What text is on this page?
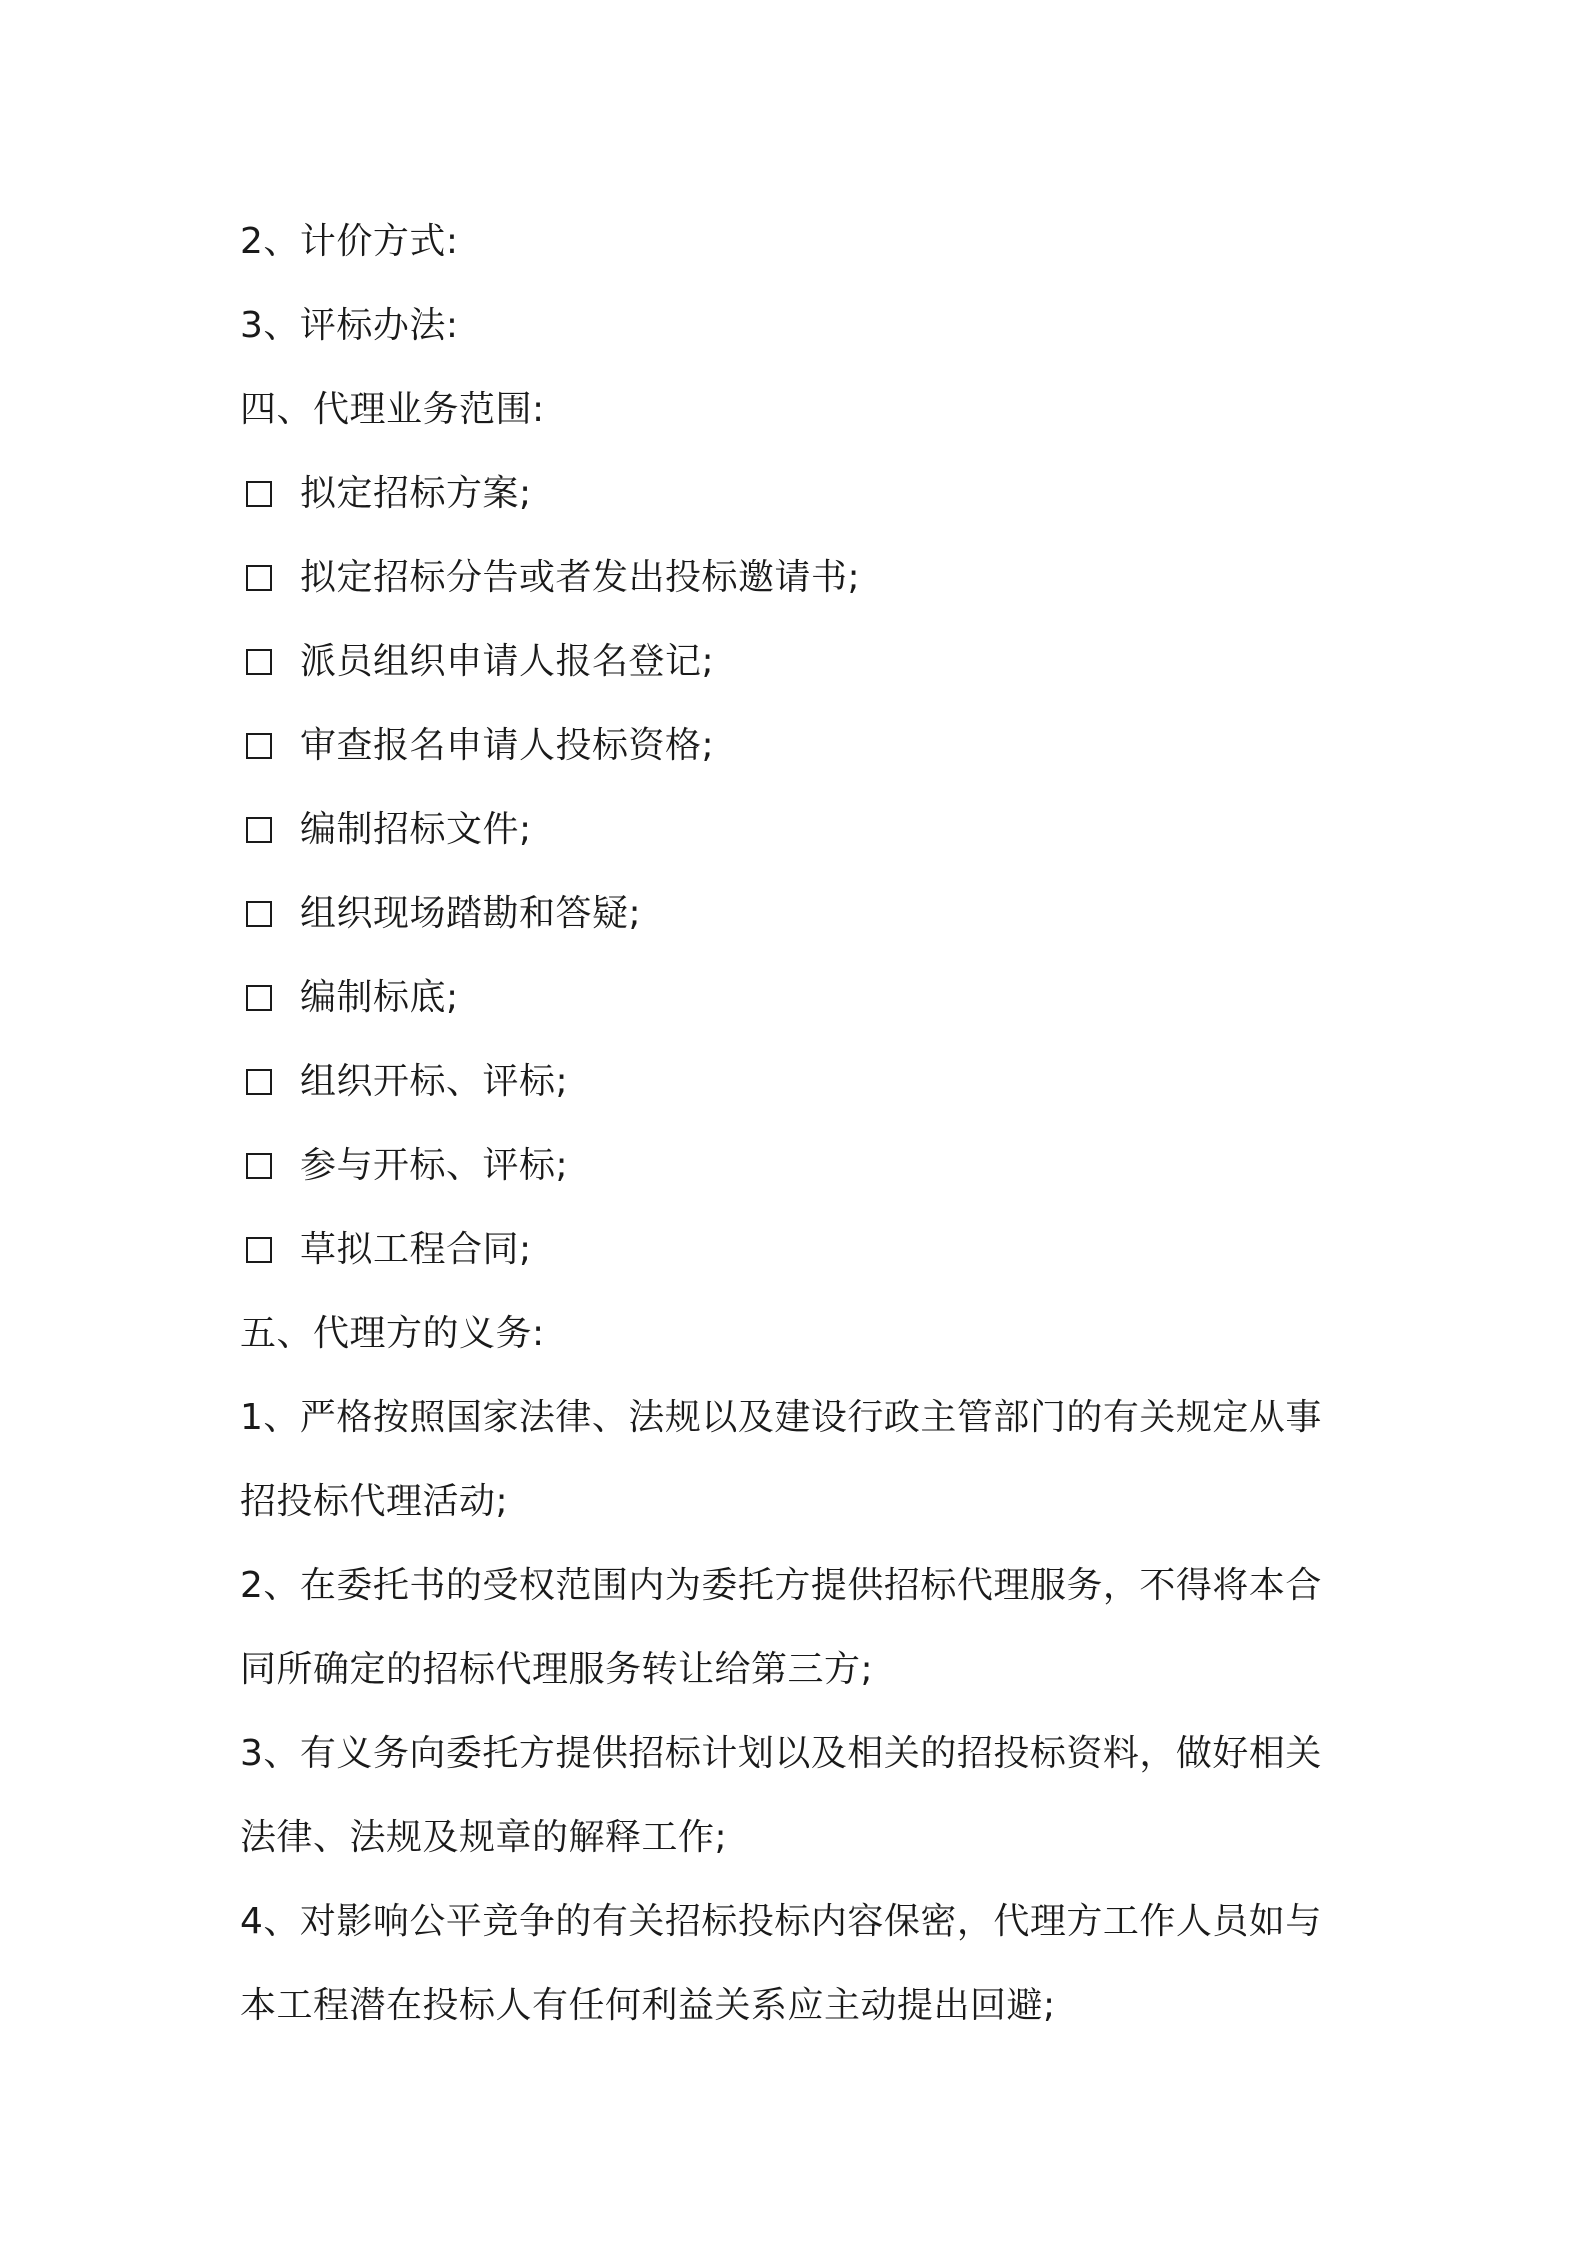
2、计价方式:
3、评标办法:
四、代理业务范围:
拟定招标方案;
拟定招标分告或者发出投标邀请书;
派员组织申请人报名登记;
审查报名申请人投标资格;
编制招标文件;
组织现场踏勘和答疑;
编制标底;
组织开标、评标;
参与开标、评标;
草拟工程合同;
五、代理方的义务:
1、严格按照国家法律、法规以及建设行政主管部门的有关规定从事
招投标代理活动;
2、在委托书的受权范围内为委托方提供招标代理服务，不得将本合
同所确定的招标代理服务转让给第三方;
3、有义务向委托方提供招标计划以及相关的招投标资料，做好相关
法律、法规及规章的解释工作;
4、对影响公平竞争的有关招标投标内容保密，代理方工作人员如与
本工程潜在投标人有任何利益关系应主动提出回避;
